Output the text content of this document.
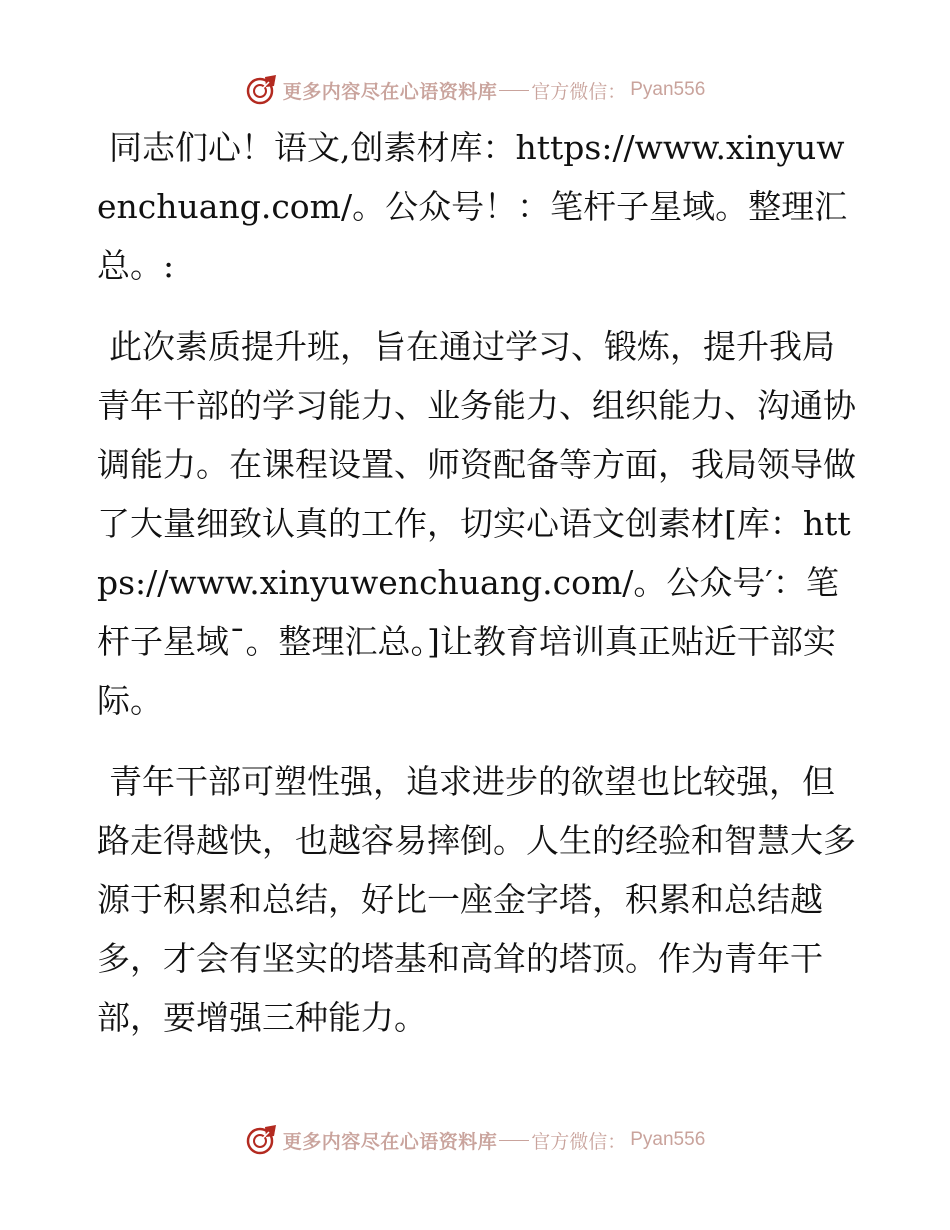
更多内容尽在心语资料库 官方微信： Pyan556

同志们心！语文,创素材库：https://www.xinyuwenchuang.com/。公众号！：笔杆子星域。整理汇总。:

此次素质提升班，旨在通过学习、锻炼，提升我局青年干部的学习能力、业务能力、组织能力、沟通协调能力。在课程设置、师资配备等方面，我局领导做了大量细致认真的工作，切实心语文创素材[库：https://www.xinyuwenchuang.com/。公众号′：笔杆子星域¯。整理汇总。]让教育培训真正贴近干部实际。

青年干部可塑性强，追求进步的欲望也比较强，但路走得越快，也越容易摔倒。人生的经验和智慧大多源于积累和总结，好比一座金字塔，积累和总结越多，才会有坚实的塔基和高耸的塔顶。作为青年干部，要增强三种能力。

更多内容尽在心语资料库 官方微信： Pyan556
